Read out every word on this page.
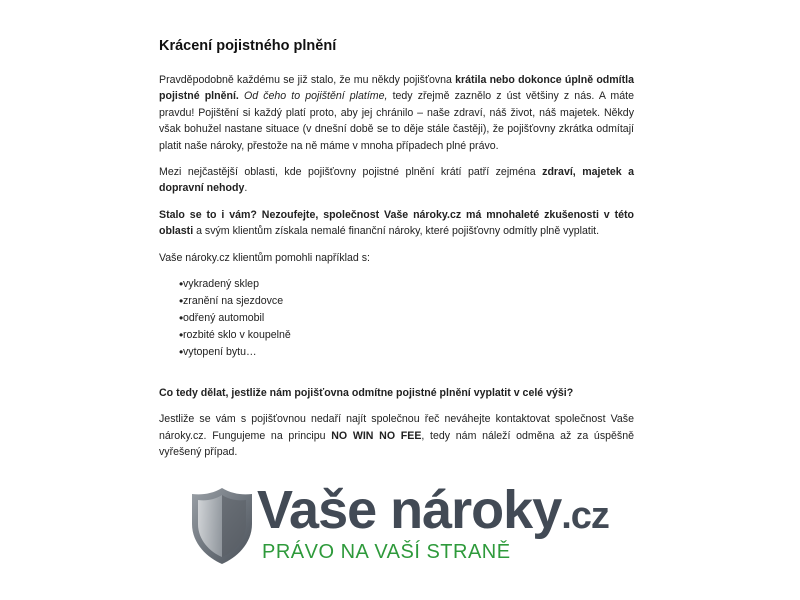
Krácení pojistného plnění

Pravděpodobně každému se již stalo, že mu někdy pojišťovna krátila nebo dokonce úplně odmítla pojistné plnění. Od čeho to pojištění platíme, tedy zřejmě zaznělo z úst většiny z nás. A máte pravdu! Pojištění si každý platí proto, aby jej chránilo – naše zdraví, náš život, náš majetek. Někdy však bohužel nastane situace (v dnešní době se to děje stále častěji), že pojišťovny zkrátka odmítají platit naše nároky, přestože na ně máme v mnoha případech plné právo.

Mezi nejčastější oblasti, kde pojišťovny pojistné plnění krátí patří zejména zdraví, majetek a dopravní nehody.

Stalo se to i vám? Nezoufejte, společnost Vaše nároky.cz má mnohaleté zkušenosti v této oblasti a svým klientům získala nemalé finanční nároky, které pojišťovny odmítly plně vyplatit.

Vaše nároky.cz klientům pomohli například s:

• vykradený sklep
• zranění na sjezdovce
• odřený automobil
• rozbité sklo v koupelně
• vytopení bytu…

Co tedy dělat, jestliže nám pojišťovna odmítne pojistné plnění vyplatit v celé výši?

Jestliže se vám s pojišťovnou nedaří najít společnou řeč neváhejte kontaktovat společnost Vaše nároky.cz. Fungujeme na principu NO WIN NO FEE, tedy nám náleží odměna až za úspěšně vyřešený případ.

Vaše nároky.cz
PRÁVO NA VAŠÍ STRANĚ
